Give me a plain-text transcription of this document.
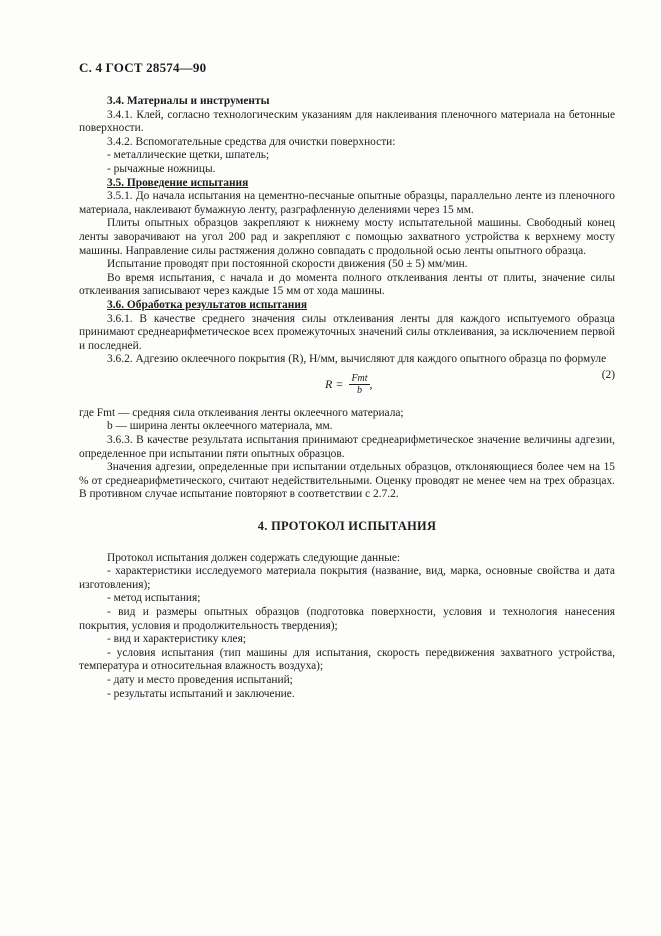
С. 4 ГОСТ 28574—90

3.4. Материалы и инструменты

3.4.1. Клей, согласно технологическим указаниям для наклеивания пленочного материала на бетонные поверхности.

3.4.2. Вспомогательные средства для очистки поверхности:

- металлические щетки, шпатель;

- рычажные ножницы.

3.5. Проведение испытания

3.5.1. До начала испытания на цементно-песчаные опытные образцы, параллельно ленте из пленочного материала, наклеивают бумажную ленту, разграфленную делениями через 15 мм.

Плиты опытных образцов закрепляют к нижнему мосту испытательной машины. Свободный конец ленты заворачивают на угол 200 рад и закрепляют с помощью захватного устройства к верхнему мосту машины. Направление силы растяжения должно совпадать с продольной осью ленты опытного образца.

Испытание проводят при постоянной скорости движения (50 ± 5) мм/мин.

Во время испытания, с начала и до момента полного отклеивания ленты от плиты, значение силы отклеивания записывают через каждые 15 мм от хода машины.

3.6. Обработка результатов испытания

3.6.1. В качестве среднего значения силы отклеивания ленты для каждого испытуемого образца принимают среднеарифметическое всех промежуточных значений силы отклеивания, за исключением первой и последней.

3.6.2. Адгезию оклеечного покрытия (R), Н/мм, вычисляют для каждого опытного образца по формуле

$R = \frac{\text{Fmt}}{b}$ ,
(2)

где Fmt — средняя сила отклеивания ленты оклеечного материала;

b — ширина ленты оклеечного материала, мм.

3.6.3. В качестве результата испытания принимают среднеарифметическое значение величины адгезии, определенное при испытании пяти опытных образцов.

Значения адгезии, определенные при испытании отдельных образцов, отклоняющиеся более чем на 15 % от среднеарифметического, считают недействительными. Оценку проводят не менее чем на трех образцах. В противном случае испытание повторяют в соответствии с 2.7.2.

4. ПРОТОКОЛ ИСПЫТАНИЯ

Протокол испытания должен содержать следующие данные:

- характеристики исследуемого материала покрытия (название, вид, марка, основные свойства и дата изготовления);

- метод испытания;

- вид и размеры опытных образцов (подготовка поверхности, условия и технология нанесения покрытия, условия и продолжительность твердения);

- вид и характеристику клея;

- условия испытания (тип машины для испытания, скорость передвижения захватного устройства, температура и относительная влажность воздуха);

- дату и место проведения испытаний;

- результаты испытаний и заключение.
